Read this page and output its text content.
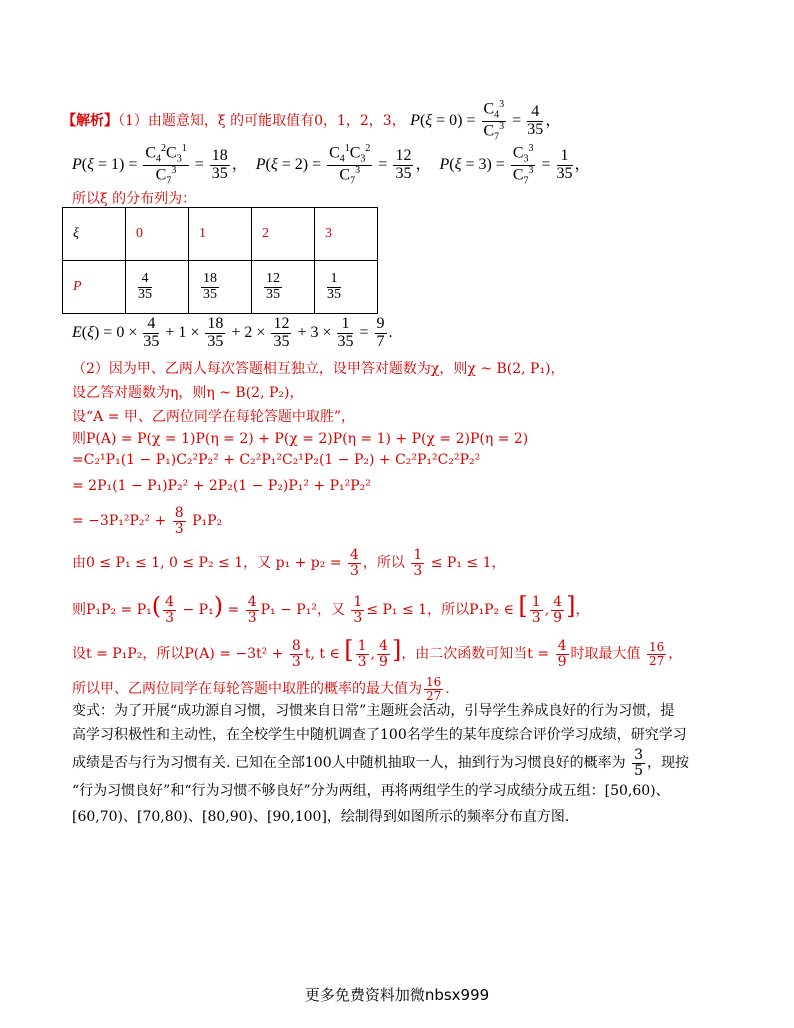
【解析】（1）由题意知，ξ 的可能取值有0，1，2，3， $P(\xi = 0) = \frac{C_4^3}{C_7^3} = \frac{4}{35}$ ，
$P(\xi = 1) = \frac{C_4^2C_3^1}{C_7^3} = \frac{18}{35}$ ，  $P(\xi = 2) = \frac{C_4^1C_3^2}{C_7^3} = \frac{12}{35}$ ，  $P(\xi = 3) = \frac{C_3^3}{C_7^3} = \frac{1}{35}$ ，
所以ξ 的分布列为：
ξ	0	1	2	3
P	$\frac{4}{35}$	$\frac{18}{35}$	$\frac{12}{35}$	$\frac{1}{35}$
$E(\xi) = 0 \times \frac{4}{35} + 1 \times \frac{18}{35} + 2 \times \frac{12}{35} + 3 \times \frac{1}{35} = \frac{9}{7}$ .
（2）因为甲、乙两人每次答题相互独立，设甲答对题数为χ，则χ ~ B(2, P₁)，
设乙答对题数为η，则η ~ B(2, P₂)，
设“A = 甲、乙两位同学在每轮答题中取胜”，
则P(A) = P(χ = 1)P(η = 2) + P(χ = 2)P(η = 1) + P(χ = 2)P(η = 2)
=C₂¹P₁(1 − P₁)C₂²P₂² + C₂²P₁²C₂¹P₂(1 − P₂) + C₂²P₁²C₂²P₂²
= 2P₁(1 − P₁)P₂² + 2P₂(1 − P₂)P₁² + P₁²P₂²
= $-3P_1^2P_2^2 + \frac{8}{3} P_1P_2$
由0 ≤ P₁ ≤ 1, 0 ≤ P₂ ≤ 1，又 $p_1 + p_2 = \frac{4}{3}$ ，所以 $\frac{1}{3} \le P_1 \le 1$，
则$P_1P_2 = P_1( \frac{4}{3} - P_1) = \frac{4}{3} P_1 - P_1^2$，又 $\frac{1}{3} \le P_1 \le 1$，所以P₁P₂ ∈ [ $\frac{1}{3}$ , $\frac{4}{9}$ ]，
设t = P₁P₂，所以$P(A) = -3t^2 + \frac{8}{3} t$, t ∈ [ $\frac{1}{3}$ , $\frac{4}{9}$ ]，由二次函数可知当$t = \frac{4}{9}$ 时取最大值 $\frac{16}{27}$ ，
所以甲、乙两位同学在每轮答题中取胜的概率的最大值为 $\frac{16}{27}$ .
变式：为了开展“成功源自习惯，习惯来自日常”主题班会活动，引导学生养成良好的行为习惯，提
高学习积极性和主动性，在全校学生中随机调查了100名学生的某年度综合评价学习成绩，研究学习
成绩是否与行为习惯有关. 已知在全部100人中随机抽取一人，抽到行为习惯良好的概率为 $\frac{3}{5}$ ，现按
“行为习惯良好”和“行为习惯不够良好”分为两组，再将两组学生的学习成绩分成五组：[50,60)、
[60,70)、[70,80)、[80,90)、[90,100]，绘制得到如图所示的频率分布直方图.
更多免费资料加微nbsx999
